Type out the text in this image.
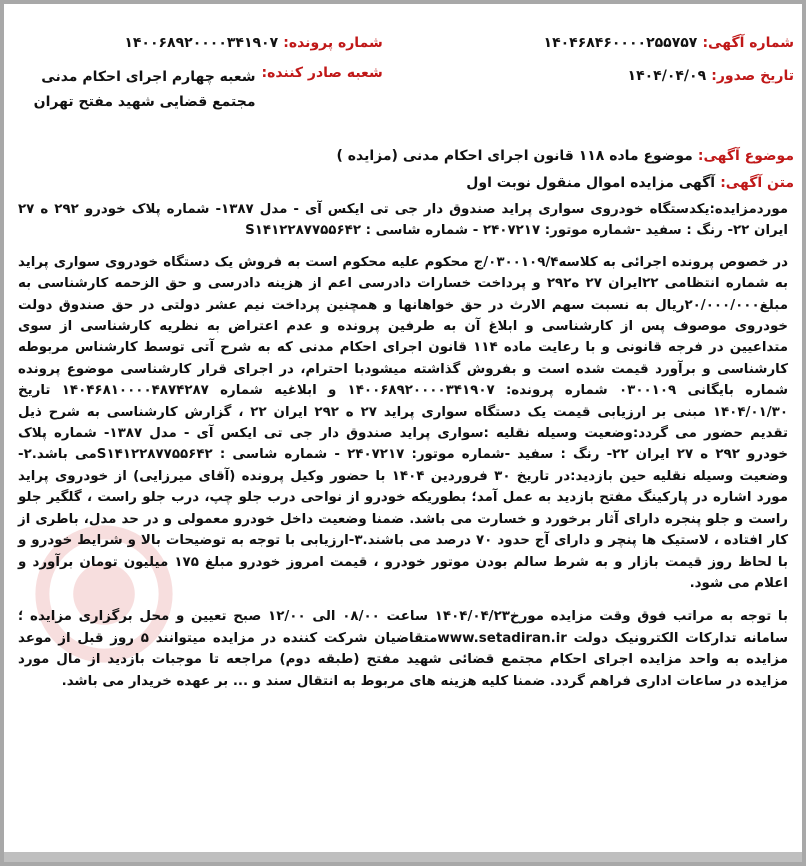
شماره آگهی: ۱۴۰۴۶۸۴۶۰۰۰۰۲۵۵۷۵۷
شماره پرونده: ۱۴۰۰۶۸۹۲۰۰۰۰۳۴۱۹۰۷
تاریخ صدور: ۱۴۰۴/۰۴/۰۹
شعبه صادر کننده:
شعبه چهارم اجرای احکام مدنی مجتمع قضایی شهید مفتح تهران
موضوع آگهی: موضوع ماده ۱۱۸ قانون اجرای احکام مدنی (مزایده )
متن آگهی: آگهی مزایده اموال منقول نوبت اول

موردمزایده:یکدستگاه خودروی سواری پراید صندوق دار جی تی ایکس آی - مدل ۱۳۸۷- شماره پلاک خودرو ۲۹۲ ه ۲۷ ایران ۲۲- رنگ : سفید -شماره موتور: ۲۴۰۷۲۱۷ - شماره شاسی : S۱۴۱۲۲۸۷۷۵۵۶۴۲

در خصوص پرونده اجرائی به کلاسه۰۳۰۰۱۰۹/۴/ج محکوم علیه محکوم است به فروش یک دستگاه خودروی سواری پراید به شماره انتظامی ۲۲ایران ۲۷ ه۲۹۲ و پرداخت خسارات دادرسی اعم از هزینه دادرسی و حق الزحمه کارشناسی به مبلغ۲۰/۰۰۰/۰۰۰ریال به نسبت سهم الارث در حق خواهانها و همچنین پرداخت نیم عشر دولتی در حق صندوق دولت خودروی موصوف پس از کارشناسی و ابلاغ آن به طرفین پرونده و عدم اعتراض به نظریه کارشناسی از سوی متداعیین در فرجه قانونی و با رعایت ماده ۱۱۴ قانون اجرای احکام مدنی که به شرح آتی توسط کارشناس مربوطه کارشناسی و برآورد قیمت شده است و بفروش گذاشته میشودبا احترام، در اجرای قرار کارشناسی موضوع پرونده شماره بایگانی ۰۳۰۰۱۰۹ شماره پرونده: ۱۴۰۰۶۸۹۲۰۰۰۰۳۴۱۹۰۷ و ابلاغیه شماره ۱۴۰۴۶۸۱۰۰۰۰۴۸۷۴۲۸۷ تاریخ ۱۴۰۴/۰۱/۳۰ مبنی بر ارزیابی قیمت یک دستگاه سواری پراید ۲۷ ه ۲۹۲ ایران ۲۲ ، گزارش کارشناسی به شرح ذیل تقدیم حضور می گردد:وضعیت وسیله نقلیه :سواری پراید صندوق دار جی تی ایکس آی - مدل ۱۳۸۷- شماره پلاک خودرو ۲۹۲ ه ۲۷ ایران ۲۲- رنگ : سفید -شماره موتور: ۲۴۰۷۲۱۷ - شماره شاسی : S۱۴۱۲۲۸۷۷۵۵۶۴۲می باشد.۲-وضعیت وسیله نقلیه حین بازدید:در تاریخ ۳۰ فروردین ۱۴۰۴ با حضور وکیل پرونده (آقای میرزایی) از خودروی پراید مورد اشاره در پارکینگ مفتح بازدید به عمل آمد؛ بطوریکه خودرو از نواحی درب جلو چپ، درب جلو راست ، گلگیر جلو راست و جلو پنجره دارای آثار برخورد و خسارت می باشد. ضمنا وضعیت داخل خودرو معمولی و در حد مدل، باطری از کار افتاده ، لاستیک ها پنچر و دارای آج حدود ۷۰ درصد می باشند.۳-ارزیابی با توجه به توضیحات بالا و شرایط خودرو و با لحاظ روز قیمت بازار و به شرط سالم بودن موتور خودرو ، قیمت امروز خودرو مبلغ ۱۷۵ میلیون تومان برآورد و اعلام می شود.

با توجه به مراتب فوق وقت مزایده مورخ۱۴۰۴/۰۴/۲۳ ساعت ۰۸/۰۰ الی ۱۲/۰۰ صبح تعیین و محل برگزاری مزایده ؛سامانه تدارکات الکترونیک دولت www.setadiran.irمتقاضیان شرکت کننده در مزایده میتوانند ۵ روز قبل از موعد مزایده به واحد مزایده اجرای احکام مجتمع قضائی شهید مفتح (طبقه دوم) مراجعه تا موجبات بازدید از مال مورد مزایده در ساعات اداری فراهم گردد. ضمنا کلیه هزینه های مربوط به انتقال سند و ... بر عهده خریدار می باشد.
